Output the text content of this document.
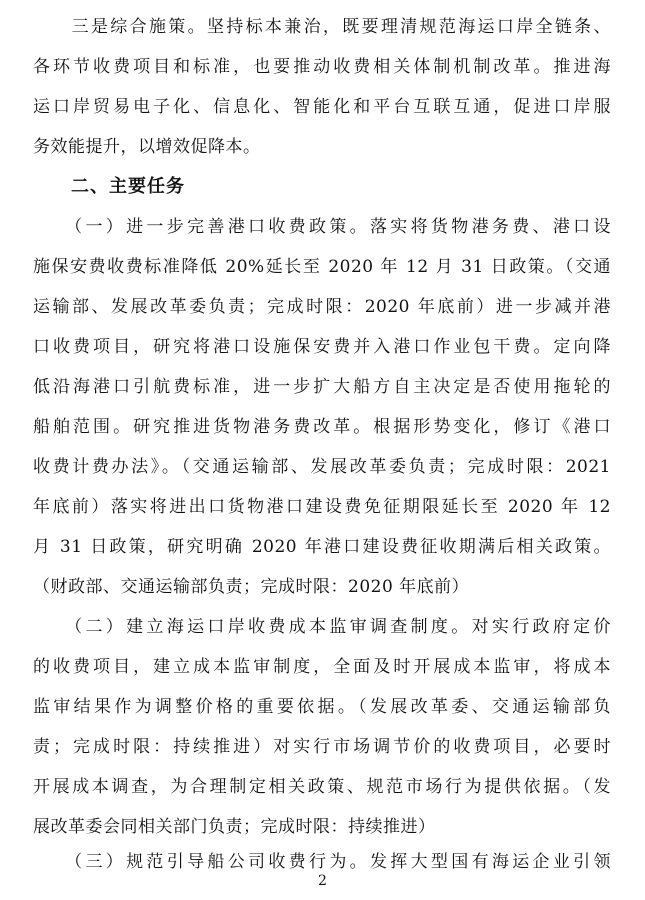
　　三是综合施策。坚持标本兼治，既要理清规范海运口岸全链条、
各环节收费项目和标准，也要推动收费相关体制机制改革。推进海
运口岸贸易电子化、信息化、智能化和平台互联互通，促进口岸服
务效能提升，以增效促降本。
　　二、主要任务
　　（一）进一步完善港口收费政策。落实将货物港务费、港口设
施保安费收费标准降低 20%延长至 2020 年 12 月 31 日政策。（交通
运输部、发展改革委负责；完成时限：2020 年底前）进一步减并港
口收费项目，研究将港口设施保安费并入港口作业包干费。定向降
低沿海港口引航费标准，进一步扩大船方自主决定是否使用拖轮的
船舶范围。研究推进货物港务费改革。根据形势变化，修订《港口
收费计费办法》。（交通运输部、发展改革委负责；完成时限：2021
年底前）落实将进出口货物港口建设费免征期限延长至 2020 年 12
月 31 日政策，研究明确 2020 年港口建设费征收期满后相关政策。
（财政部、交通运输部负责；完成时限：2020 年底前）
　　（二）建立海运口岸收费成本监审调查制度。对实行政府定价
的收费项目，建立成本监审制度，全面及时开展成本监审，将成本
监审结果作为调整价格的重要依据。（发展改革委、交通运输部负
责；完成时限：持续推进）对实行市场调节价的收费项目，必要时
开展成本调查，为合理制定相关政策、规范市场行为提供依据。（发
展改革委会同相关部门负责；完成时限：持续推进）
　　（三）规范引导船公司收费行为。发挥大型国有海运企业引领
2
